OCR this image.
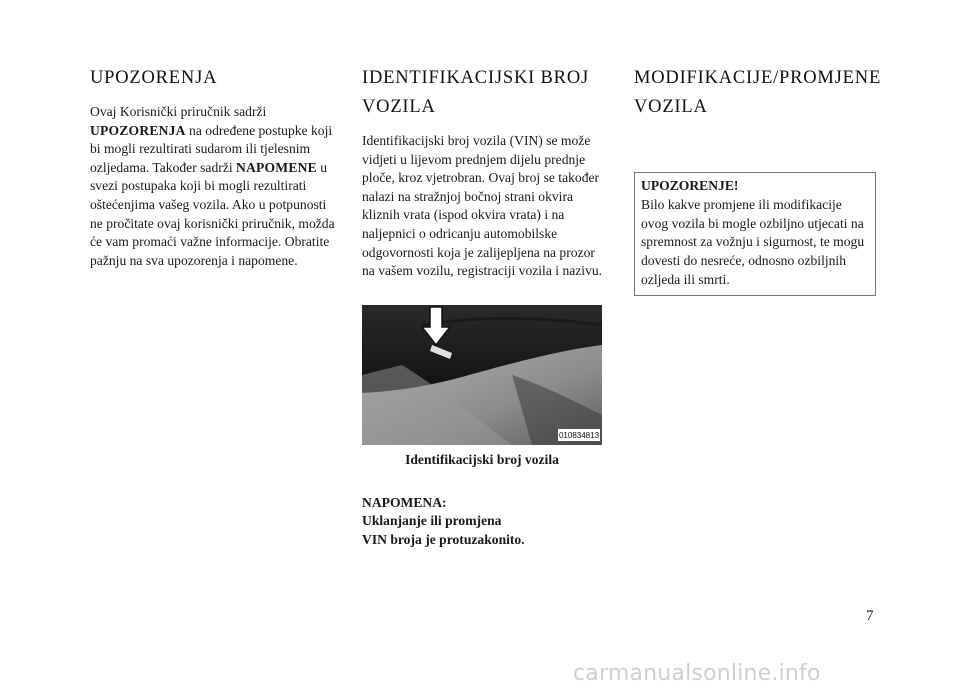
UPOZORENJA

Ovaj Korisnički priručnik sadrži
UPOZORENJA na određene postupke koji bi mogli rezultirati sudarom ili tjelesnim ozljedama. Također sadrži NAPOMENE u svezi postupaka koji bi mogli rezultirati oštećenjima vašeg vozila. Ako u potpunosti ne pročitate ovaj korisnički priručnik, možda će vam promaći važne informacije. Obratite pažnju na sva upozorenja i napomene.

IDENTIFIKACIJSKI BROJ VOZILA

Identifikacijski broj vozila (VIN) se može vidjeti u lijevom prednjem dijelu prednje ploče, kroz vjetrobran. Ovaj broj se također nalazi na stražnjoj bočnoj strani okvira kliznih vrata (ispod okvira vrata) i na naljepnici o odricanju automobilske odgovornosti koja je zalijepljena na prozor na vašem vozilu, registraciji vozila i nazivu.

01083481​3
Identifikacijski broj vozila
NAPOMENA:
Uklanjanje ili promjena
VIN broja je protuzakonito.
MODIFIKACIJE/PROMJENE VOZILA
UPOZORENJE!
Bilo kakve promjene ili modifikacije ovog vozila bi mogle ozbiljno utjecati na spremnost za vožnju i sigurnost, te mogu dovesti do nesreće, odnosno ozbiljnih ozljeda ili smrti.
7
carmanualsonline.info
